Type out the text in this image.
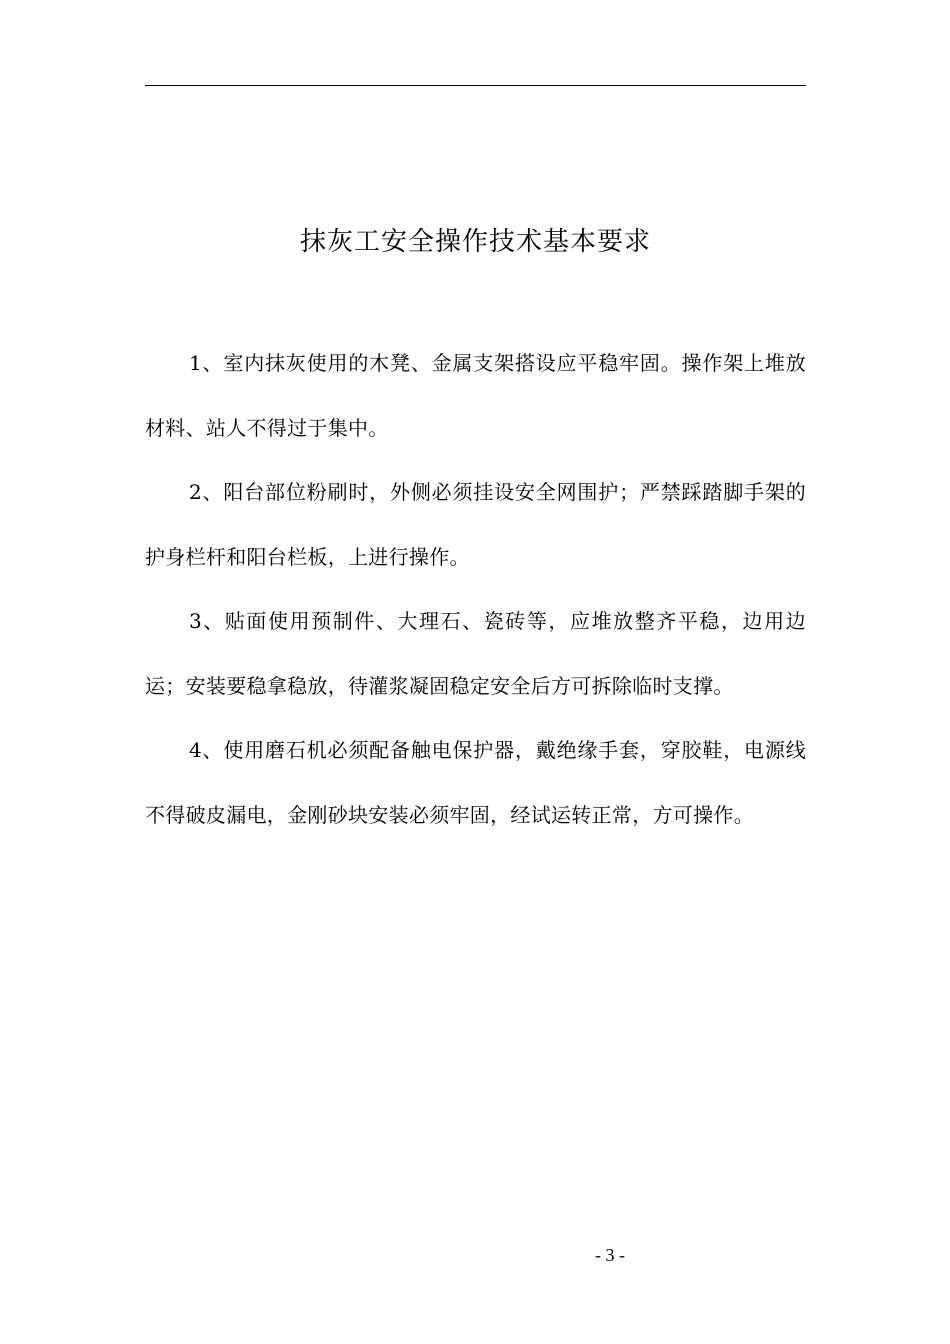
抹灰工安全操作技术基本要求

1、室内抹灰使用的木凳、金属支架搭设应平稳牢固。操作架上堆放材料、站人不得过于集中。

2、阳台部位粉刷时，外侧必须挂设安全网围护；严禁踩踏脚手架的护身栏杆和阳台栏板，上进行操作。

3、贴面使用预制件、大理石、瓷砖等，应堆放整齐平稳，边用边运；安装要稳拿稳放，待灌浆凝固稳定安全后方可拆除临时支撑。

4、使用磨石机必须配备触电保护器，戴绝缘手套，穿胶鞋，电源线不得破皮漏电，金刚砂块安装必须牢固，经试运转正常，方可操作。

- 3 -
